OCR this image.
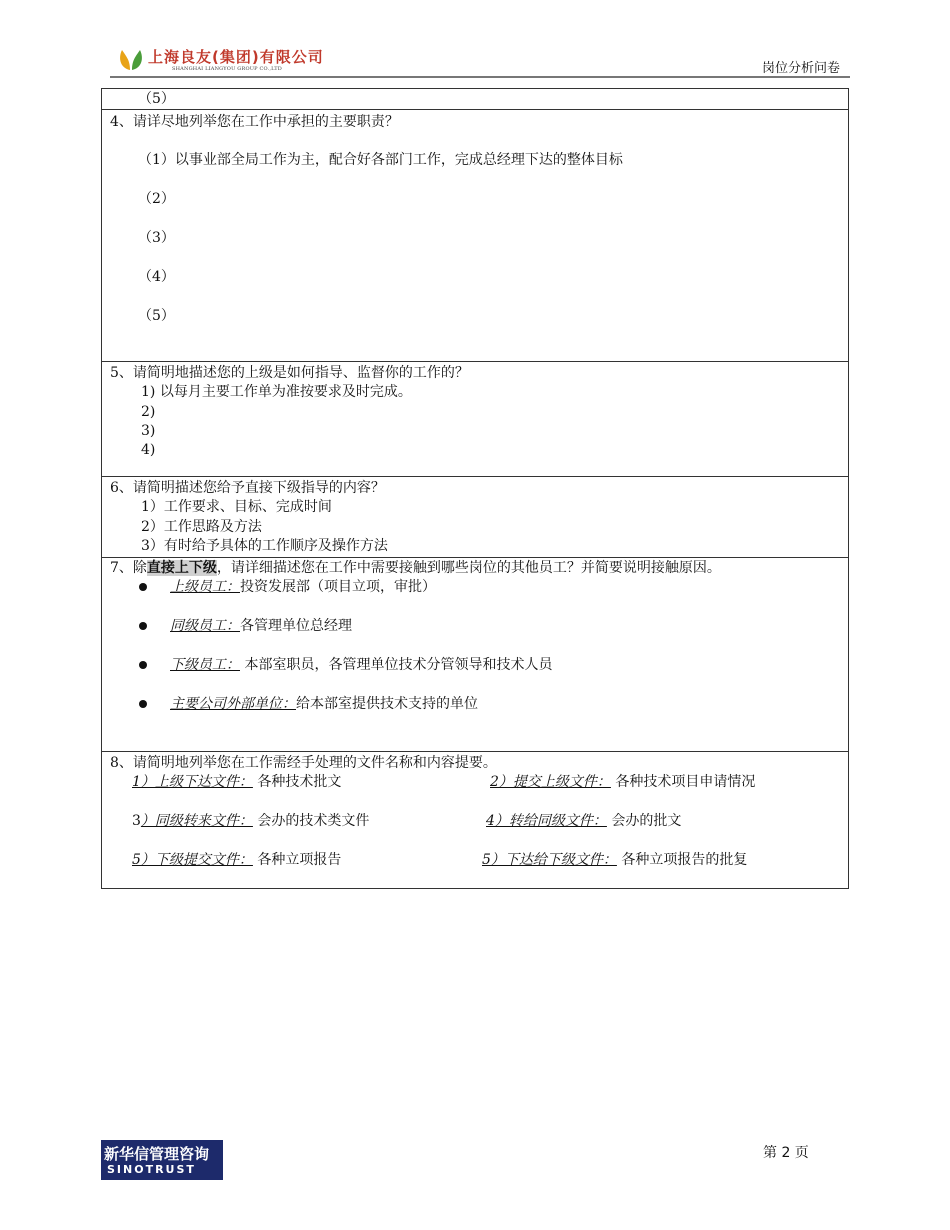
上海良友(集团)有限公司
SHANGHAI LIANGYOU GROUP CO.,LTD	岗位分析问卷
（5）
4、请详尽地列举您在工作中承担的主要职责？
（1）以事业部全局工作为主，配合好各部门工作，完成总经理下达的整体目标
（2）
（3）
（4）
（5）
5、请简明地描述您的上级是如何指导、监督你的工作的？
1) 以每月主要工作单为准按要求及时完成。
2)
3)
4)
6、请简明描述您给予直接下级指导的内容？
1）工作要求、目标、完成时间
2）工作思路及方法
3）有时给予具体的工作顺序及操作方法
7、除直接上下级，请详细描述您在工作中需要接触到哪些岗位的其他员工？并简要说明接触原因。
上级员工：投资发展部（项目立项，审批）
同级员工：各管理单位总经理
下级员工： 本部室职员，各管理单位技术分管领导和技术人员
主要公司外部单位：给本部室提供技术支持的单位
8、请简明地列举您在工作需经手处理的文件名称和内容提要。
1）上级下达文件： 各种技术批文	2）提交上级文件： 各种技术项目申请情况
3）同级转来文件： 会办的技术类文件	4）转给同级文件： 会办的批文
5）下级提交文件： 各种立项报告	5）下达给下级文件： 各种立项报告的批复
新华信管理咨询
SINOTRUST
第 2 页
